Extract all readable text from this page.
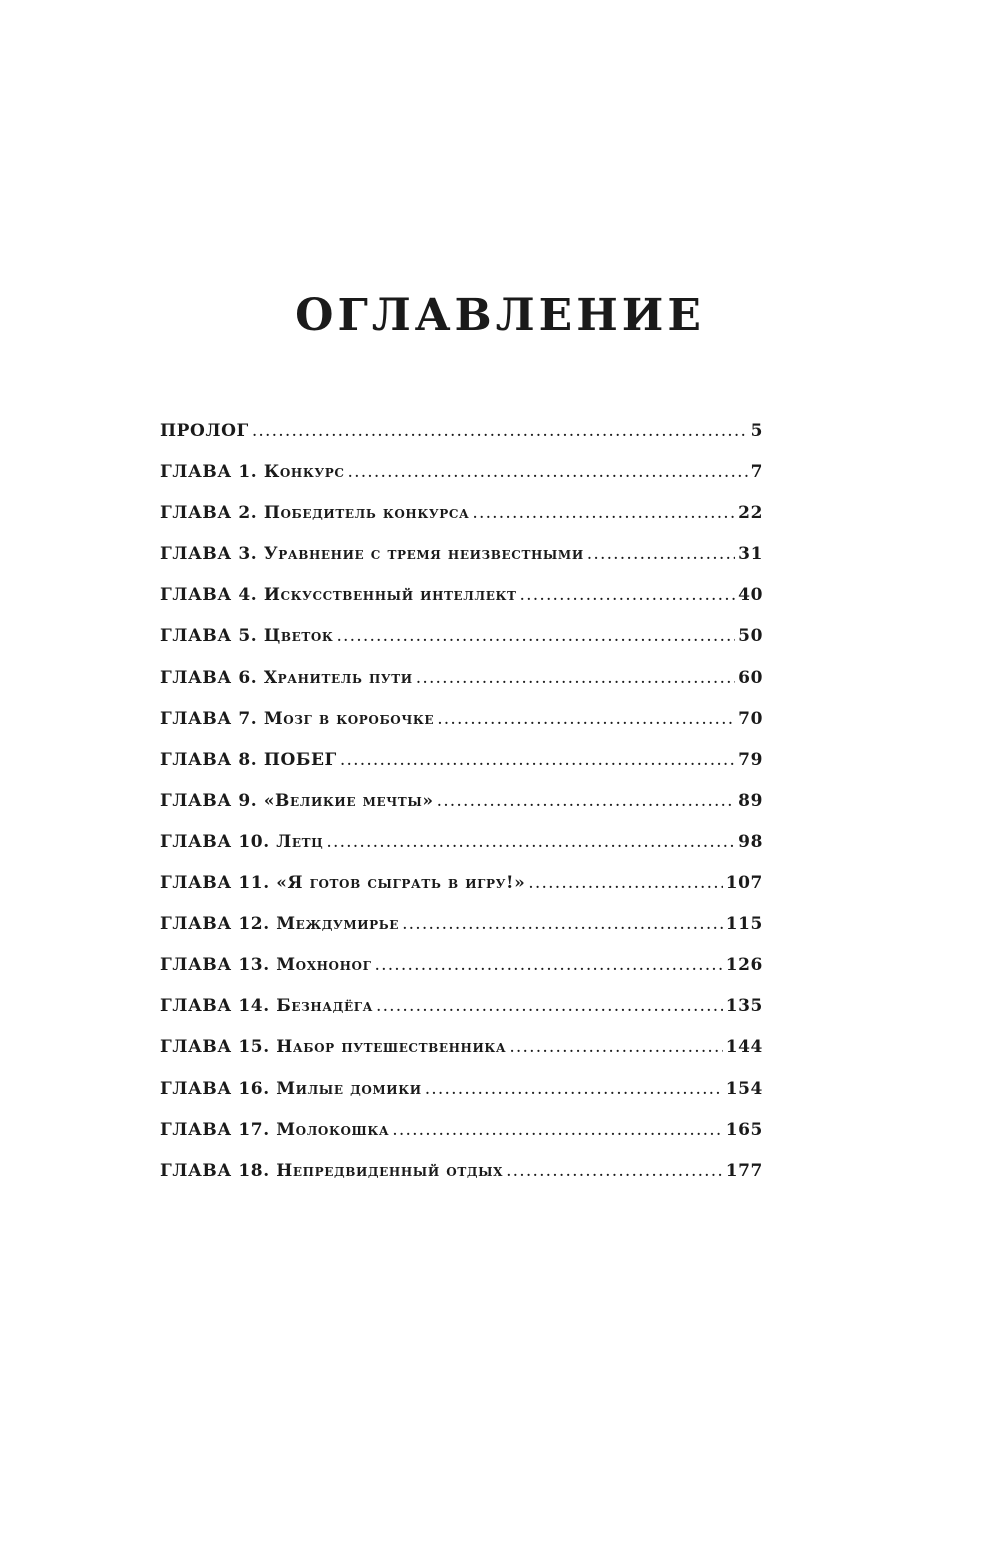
ОГЛАВЛЕНИЕ
ПРОЛОГ .....	5
ГЛАВА 1. Конкурс .....	7
ГЛАВА 2. Победитель конкурса .....	22
ГЛАВА 3. Уравнение с тремя неизвестными .....	31
ГЛАВА 4. Искусственный интеллект .....	40
ГЛАВА 5. Цветок .....	50
ГЛАВА 6. Хранитель пути .....	60
ГЛАВА 7. Мозг в коробочке .....	70
ГЛАВА 8. ПОБЕГ .....	79
ГЛАВА 9. «Великие мечты» .....	89
ГЛАВА 10. Летц .....	98
ГЛАВА 11. «Я готов сыграть в игру!» .....	107
ГЛАВА 12. Междумирье .....	115
ГЛАВА 13. Мохноног .....	126
ГЛАВА 14. Безнадёга .....	135
ГЛАВА 15. Набор путешественника .....	144
ГЛАВА 16. Милые домики .....	154
ГЛАВА 17. Молокошка .....	165
ГЛАВА 18. Непредвиденный отдых .....	177
